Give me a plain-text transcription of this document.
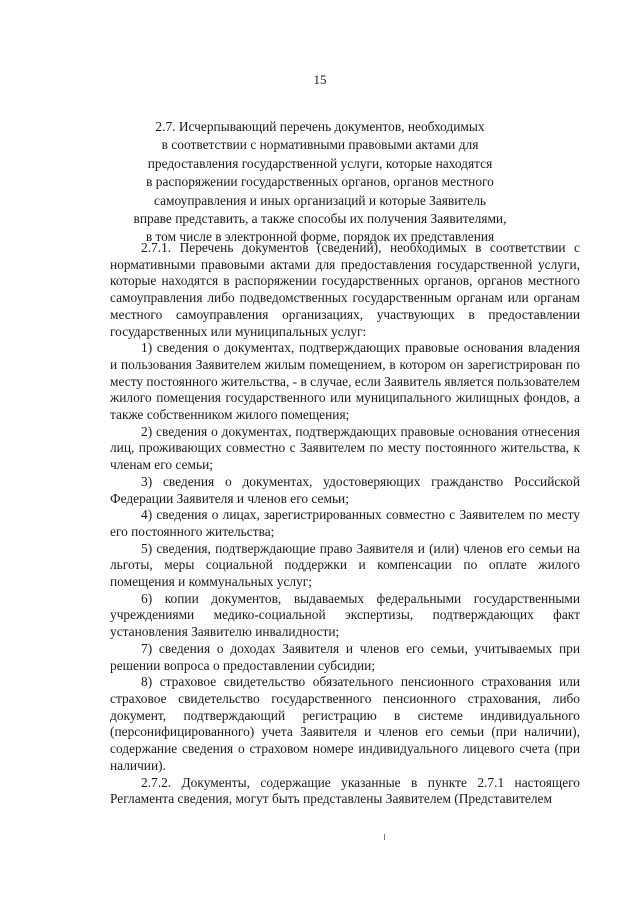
15
2.7. Исчерпывающий перечень документов, необходимых
в соответствии с нормативными правовыми актами для
предоставления государственной услуги, которые находятся
в распоряжении государственных органов, органов местного
самоуправления и иных организаций и которые Заявитель
вправе представить, а также способы их получения Заявителями,
в том числе в электронной форме, порядок их представления

2.7.1. Перечень документов (сведений), необходимых в соответствии с нормативными правовыми актами для предоставления государственной услуги, которые находятся в распоряжении государственных органов, органов местного самоуправления либо подведомственных государственным органам или органам местного самоуправления организациях, участвующих в предоставлении государственных или муниципальных услуг:

1) сведения о документах, подтверждающих правовые основания владения и пользования Заявителем жилым помещением, в котором он зарегистрирован по месту постоянного жительства, - в случае, если Заявитель является пользователем жилого помещения государственного или муниципального жилищных фондов, а также собственником жилого помещения;

2) сведения о документах, подтверждающих правовые основания отнесения лиц, проживающих совместно с Заявителем по месту постоянного жительства, к членам его семьи;

3) сведения о документах, удостоверяющих гражданство Российской Федерации Заявителя и членов его семьи;

4) сведения о лицах, зарегистрированных совместно с Заявителем по месту его постоянного жительства;

5) сведения, подтверждающие право Заявителя и (или) членов его семьи на льготы, меры социальной поддержки и компенсации по оплате жилого помещения и коммунальных услуг;

6) копии документов, выдаваемых федеральными государственными учреждениями медико-социальной экспертизы, подтверждающих факт установления Заявителю инвалидности;

7) сведения о доходах Заявителя и членов его семьи, учитываемых при решении вопроса о предоставлении субсидии;

8) страховое свидетельство обязательного пенсионного страхования или страховое свидетельство государственного пенсионного страхования, либо документ, подтверждающий регистрацию в системе индивидуального (персонифицированного) учета Заявителя и членов его семьи (при наличии), содержание сведения о страховом номере индивидуального лицевого счета (при наличии).

2.7.2. Документы, содержащие указанные в пункте 2.7.1 настоящего Регламента сведения, могут быть представлены Заявителем (Представителем
